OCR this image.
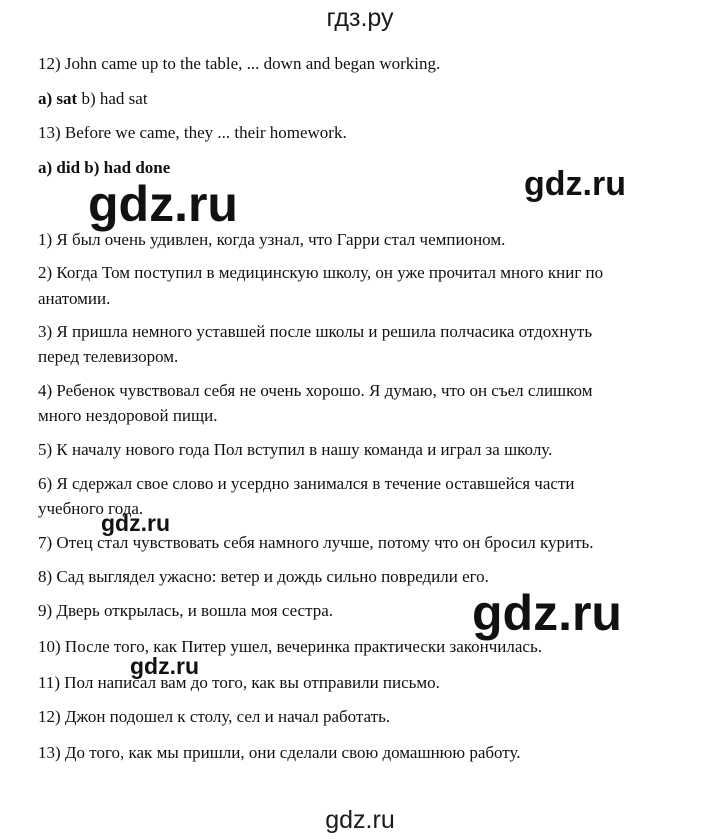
гдз.ру
12) John came up to the table, ... down and began working.
a) sat b) had sat
13) Before we came, they ... their homework.
a) did b) had done
1) Я был очень удивлен, когда узнал, что Гарри стал чемпионом.
2) Когда Том поступил в медицинскую школу, он уже прочитал много книг по
анатомии.
3) Я пришла немного уставшей после школы и решила полчасика отдохнуть
перед телевизором.
4) Ребенок чувствовал себя не очень хорошо. Я думаю, что он съел слишком
много нездоровой пищи.
5) К началу нового года Пол вступил в нашу команда и играл за школу.
6) Я сдержал свое слово и усердно занимался в течение оставшейся части
учебного года.
7) Отец стал чувствовать себя намного лучше, потому что он бросил курить.
8) Сад выглядел ужасно: ветер и дождь сильно повредили его.
9) Дверь открылась, и вошла моя сестра.
10) После того, как Питер ушел, вечеринка практически закончилась.
11) Пол написал вам до того, как вы отправили письмо.
12) Джон подошел к столу, сел и начал работать.
13) До того, как мы пришли, они сделали свою домашнюю работу.
gdz.ru	gdz.ru
gdz.ru
gdz.ru
gdz.ru
gdz.ru
